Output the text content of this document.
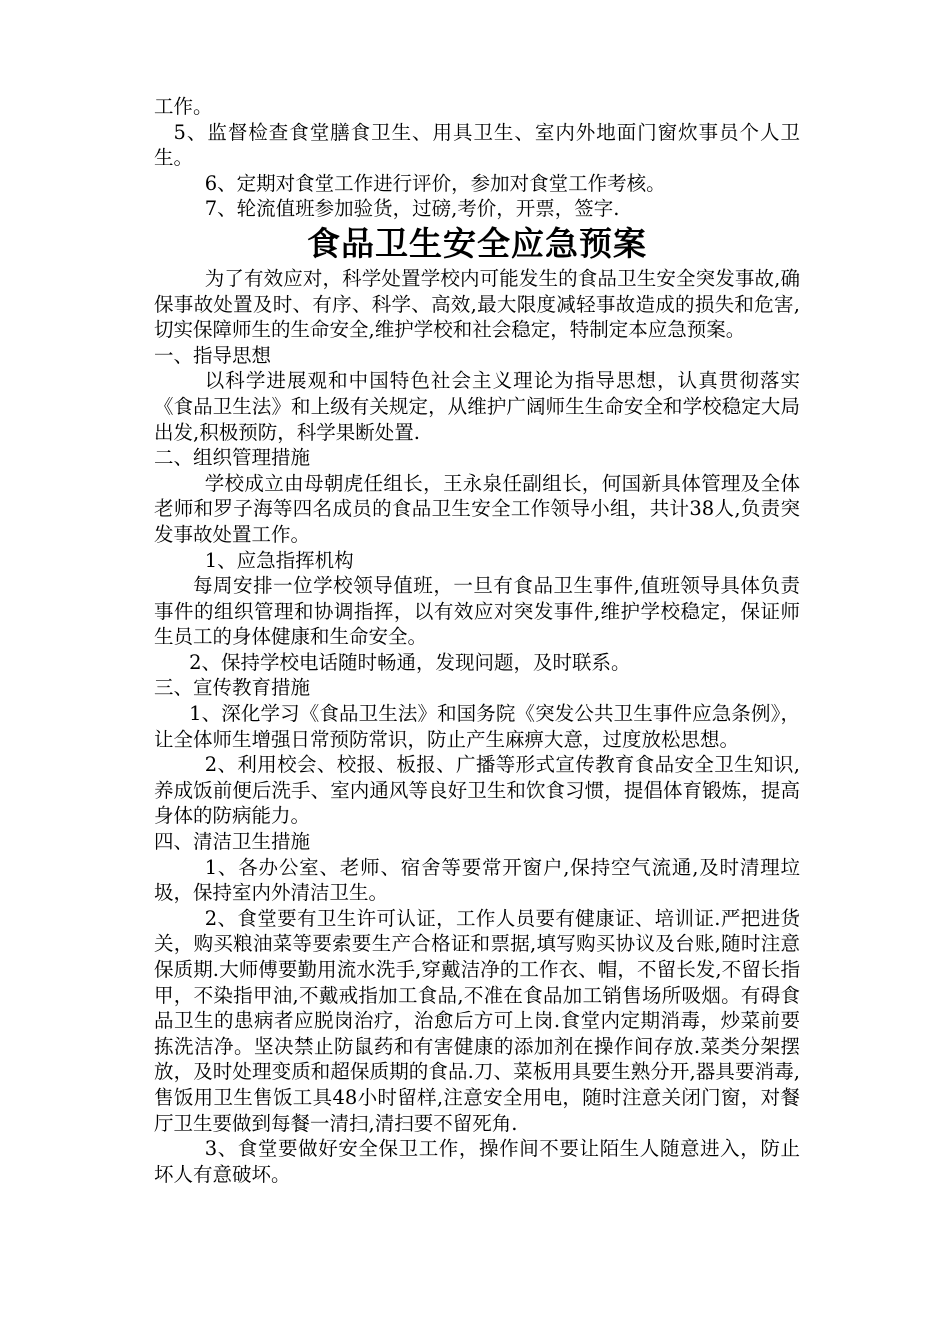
工作。

5、监督检查食堂膳食卫生、用具卫生、室内外地面门窗炊事员个人卫生。

6、定期对食堂工作进行评价，参加对食堂工作考核。

7、轮流值班参加验货，过磅,考价，开票，签字.

食品卫生安全应急预案

为了有效应对，科学处置学校内可能发生的食品卫生安全突发事故,确保事故处置及时、有序、科学、高效,最大限度减轻事故造成的损失和危害,切实保障师生的生命安全,维护学校和社会稳定，特制定本应急预案。

一、指导思想

以科学进展观和中国特色社会主义理论为指导思想，认真贯彻落实《食品卫生法》和上级有关规定，从维护广阔师生生命安全和学校稳定大局出发,积极预防，科学果断处置.

二、组织管理措施

学校成立由母朝虎任组长，王永泉任副组长，何国新具体管理及全体老师和罗子海等四名成员的食品卫生安全工作领导小组，共计38人,负责突发事故处置工作。

1、应急指挥机构

每周安排一位学校领导值班，一旦有食品卫生事件,值班领导具体负责事件的组织管理和协调指挥，以有效应对突发事件,维护学校稳定，保证师生员工的身体健康和生命安全。

2、保持学校电话随时畅通，发现问题，及时联系。

三、宣传教育措施

1、深化学习《食品卫生法》和国务院《突发公共卫生事件应急条例》，让全体师生增强日常预防常识，防止产生麻痹大意，过度放松思想。

2、利用校会、校报、板报、广播等形式宣传教育食品安全卫生知识,养成饭前便后洗手、室内通风等良好卫生和饮食习惯，提倡体育锻炼，提高身体的防病能力。

四、清洁卫生措施

1、各办公室、老师、宿舍等要常开窗户,保持空气流通,及时清理垃圾，保持室内外清洁卫生。

2、食堂要有卫生许可认证，工作人员要有健康证、培训证.严把进货关，购买粮油菜等要索要生产合格证和票据,填写购买协议及台账,随时注意保质期.大师傅要勤用流水洗手,穿戴洁净的工作衣、帽，不留长发,不留长指甲，不染指甲油,不戴戒指加工食品,不准在食品加工销售场所吸烟。有碍食品卫生的患病者应脱岗治疗，治愈后方可上岗.食堂内定期消毒，炒菜前要拣洗洁净。坚决禁止防鼠药和有害健康的添加剂在操作间存放.菜类分架摆放，及时处理变质和超保质期的食品.刀、菜板用具要生熟分开,器具要消毒,售饭用卫生售饭工具48小时留样,注意安全用电，随时注意关闭门窗，对餐厅卫生要做到每餐一清扫,清扫要不留死角.

3、食堂要做好安全保卫工作，操作间不要让陌生人随意进入，防止坏人有意破坏。
